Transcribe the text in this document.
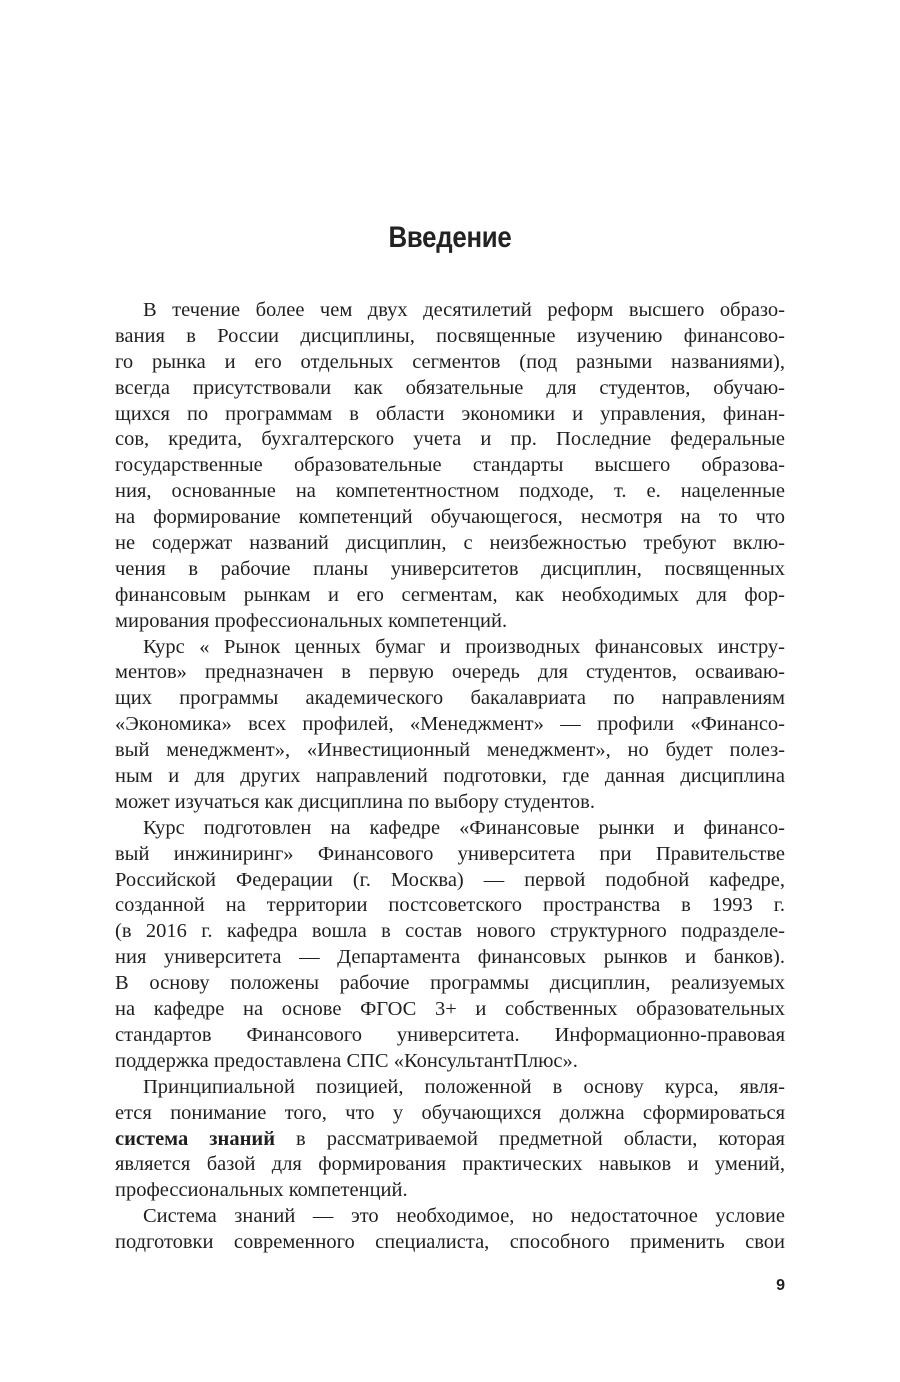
Введение

В течение более чем двух десятилетий реформ высшего образо-
вания в России дисциплины, посвященные изучению финансово-
го рынка и его отдельных сегментов (под разными названиями),
всегда присутствовали как обязательные для студентов, обучаю-
щихся по программам в области экономики и управления, финан-
сов, кредита, бухгалтерского учета и пр. Последние федеральные
государственные образовательные стандарты высшего образова-
ния, основанные на компетентностном подходе, т. е. нацеленные
на формирование компетенций обучающегося, несмотря на то что
не содержат названий дисциплин, с неизбежностью требуют вклю-
чения в рабочие планы университетов дисциплин, посвященных
финансовым рынкам и его сегментам, как необходимых для фор-
мирования профессиональных компетенций.

Курс « Рынок ценных бумаг и производных финансовых инстру-
ментов» предназначен в первую очередь для студентов, осваиваю-
щих программы академического бакалавриата по направлениям
«Экономика» всех профилей, «Менеджмент» — профили «Финансо-
вый менеджмент», «Инвестиционный менеджмент», но будет полез-
ным и для других направлений подготовки, где данная дисциплина
может изучаться как дисциплина по выбору студентов.

Курс подготовлен на кафедре «Финансовые рынки и финансо-
вый инжиниринг» Финансового университета при Правительстве
Российской Федерации (г. Москва) — первой подобной кафедре,
созданной на территории постсоветского пространства в 1993 г.
(в 2016 г. кафедра вошла в состав нового структурного подразделе-
ния университета — Департамента финансовых рынков и банков).
В основу положены рабочие программы дисциплин, реализуемых
на кафедре на основе ФГОС 3+ и собственных образовательных
стандартов Финансового университета. Информационно-правовая
поддержка предоставлена СПС «КонсультантПлюс».

Принципиальной позицией, положенной в основу курса, явля-
ется понимание того, что у обучающихся должна сформироваться
система знаний в рассматриваемой предметной области, которая
является базой для формирования практических навыков и умений,
профессиональных компетенций.

Система знаний — это необходимое, но недостаточное условие
подготовки современного специалиста, способного применить свои

9
